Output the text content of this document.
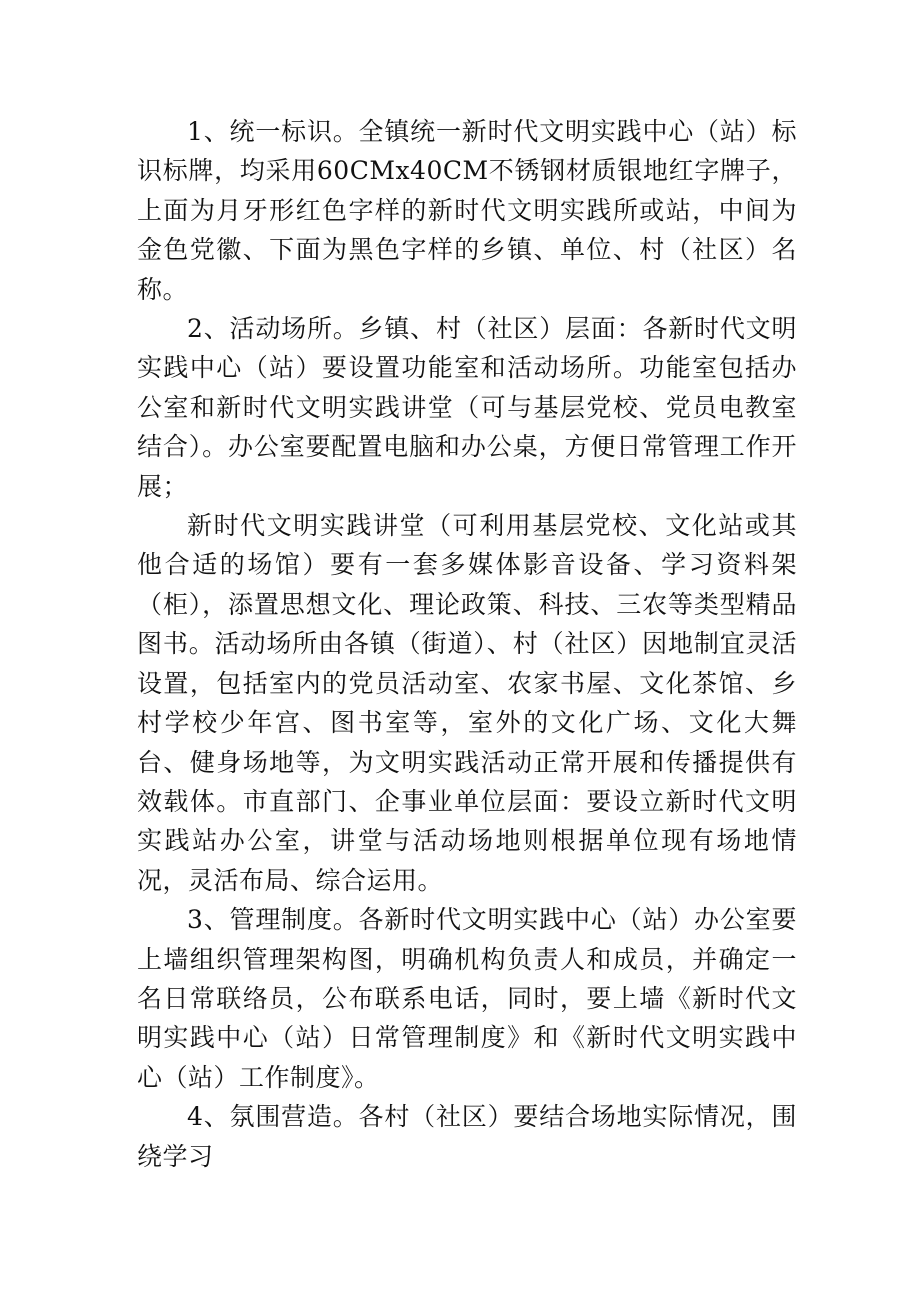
1、统一标识。全镇统一新时代文明实践中心（站）标识标牌，均采用60CMx40CM不锈钢材质银地红字牌子，上面为月牙形红色字样的新时代文明实践所或站，中间为金色党徽、下面为黑色字样的乡镇、单位、村（社区）名称。

2、活动场所。乡镇、村（社区）层面：各新时代文明实践中心（站）要设置功能室和活动场所。功能室包括办公室和新时代文明实践讲堂（可与基层党校、党员电教室结合）。办公室要配置电脑和办公桌，方便日常管理工作开展；

新时代文明实践讲堂（可利用基层党校、文化站或其他合适的场馆）要有一套多媒体影音设备、学习资料架（柜），添置思想文化、理论政策、科技、三农等类型精品图书。活动场所由各镇（街道）、村（社区）因地制宜灵活设置，包括室内的党员活动室、农家书屋、文化茶馆、乡村学校少年宫、图书室等，室外的文化广场、文化大舞台、健身场地等，为文明实践活动正常开展和传播提供有效载体。市直部门、企事业单位层面：要设立新时代文明实践站办公室，讲堂与活动场地则根据单位现有场地情况，灵活布局、综合运用。

3、管理制度。各新时代文明实践中心（站）办公室要上墙组织管理架构图，明确机构负责人和成员，并确定一名日常联络员，公布联系电话，同时，要上墙《新时代文明实践中心（站）日常管理制度》和《新时代文明实践中心（站）工作制度》。

4、氛围营造。各村（社区）要结合场地实际情况，围绕学习
